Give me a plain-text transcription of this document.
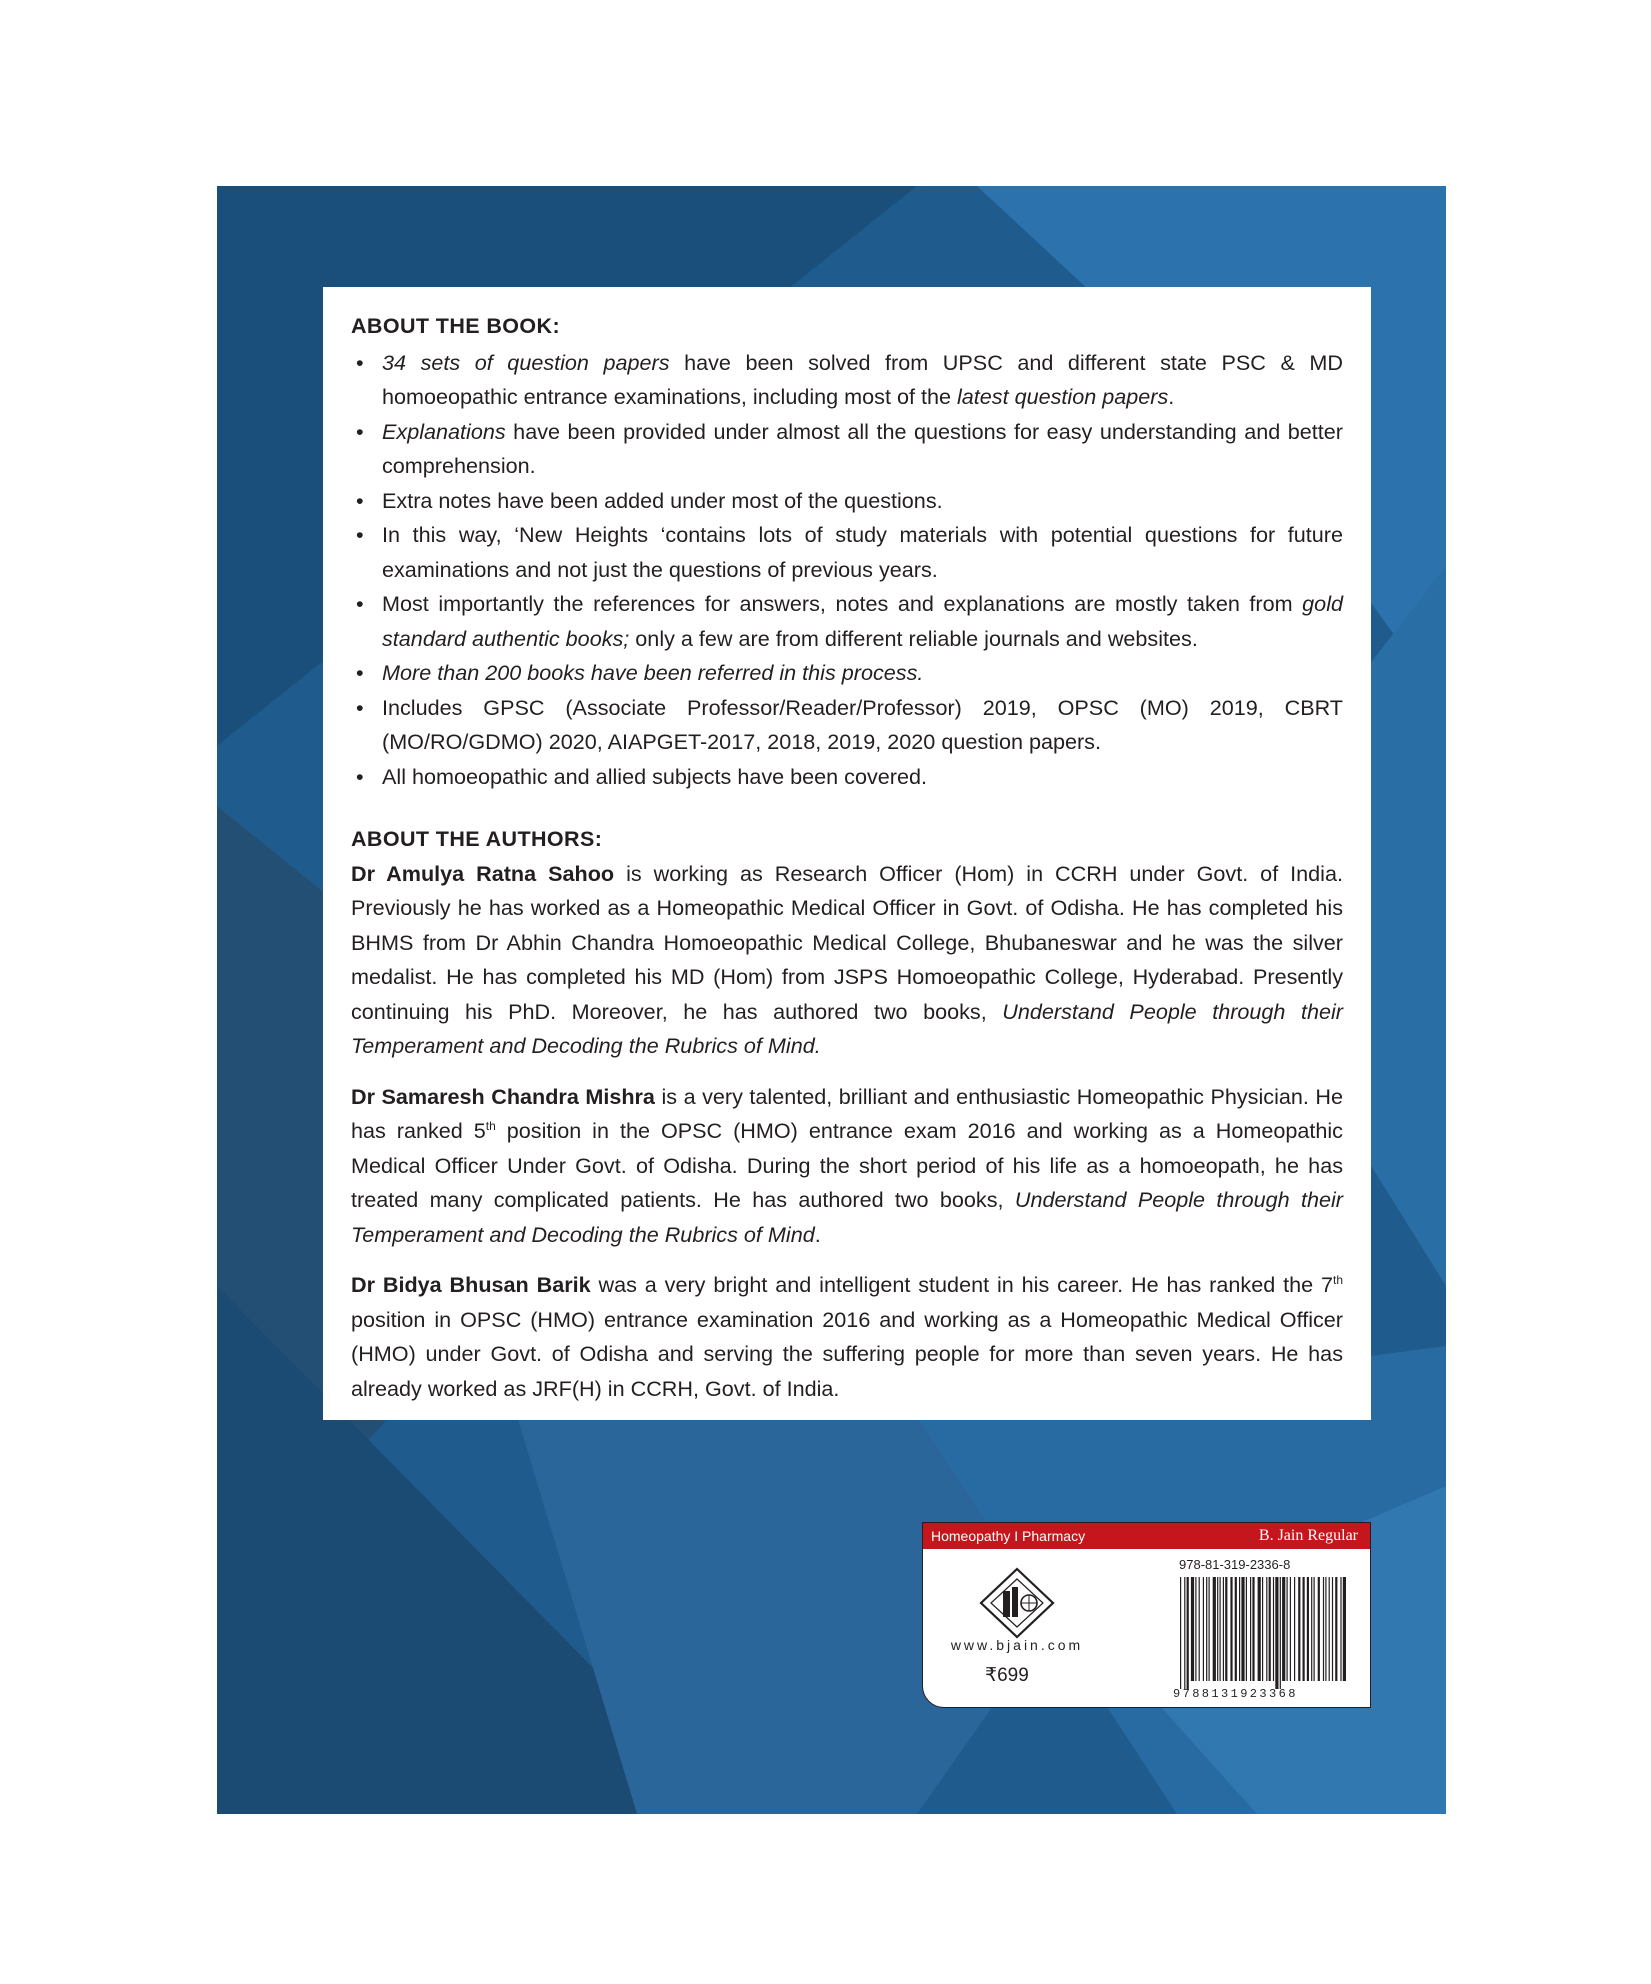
ABOUT THE BOOK:
• 34 sets of question papers have been solved from UPSC and different state PSC & MD homoeopathic entrance examinations, including most of the latest question papers.
• Explanations have been provided under almost all the questions for easy understanding and better comprehension.
• Extra notes have been added under most of the questions.
• In this way, ‘New Heights ‘contains lots of study materials with potential questions for future examinations and not just the questions of previous years.
• Most importantly the references for answers, notes and explanations are mostly taken from gold standard authentic books; only a few are from different reliable journals and websites.
• More than 200 books have been referred in this process.
• Includes GPSC (Associate Professor/Reader/Professor) 2019, OPSC (MO) 2019, CBRT (MO/RO/GDMO) 2020, AIAPGET-2017, 2018, 2019, 2020 question papers.
• All homoeopathic and allied subjects have been covered.
ABOUT THE AUTHORS:

Dr Amulya Ratna Sahoo is working as Research Officer (Hom) in CCRH under Govt. of India. Previously he has worked as a Homeopathic Medical Officer in Govt. of Odisha. He has completed his BHMS from Dr Abhin Chandra Homoeopathic Medical College, Bhubaneswar and he was the silver medalist. He has completed his MD (Hom) from JSPS Homoeopathic College, Hyderabad. Presently continuing his PhD. Moreover, he has authored two books, Understand People through their Temperament and Decoding the Rubrics of Mind.

Dr Samaresh Chandra Mishra is a very talented, brilliant and enthusiastic Homeopathic Physician. He has ranked 5th position in the OPSC (HMO) entrance exam 2016 and working as a Homeopathic Medical Officer Under Govt. of Odisha. During the short period of his life as a homoeopath, he has treated many complicated patients. He has authored two books, Understand People through their Temperament and Decoding the Rubrics of Mind.

Dr Bidya Bhusan Barik was a very bright and intelligent student in his career. He has ranked the 7th position in OPSC (HMO) entrance examination 2016 and working as a Homeopathic Medical Officer (HMO) under Govt. of Odisha and serving the suffering people for more than seven years. He has already worked as JRF(H) in CCRH, Govt. of India.

Homeopathy I Pharmacy	B. Jain Regular
www.bjain.com
₹699
978-81-319-2336-8
9788131923368
